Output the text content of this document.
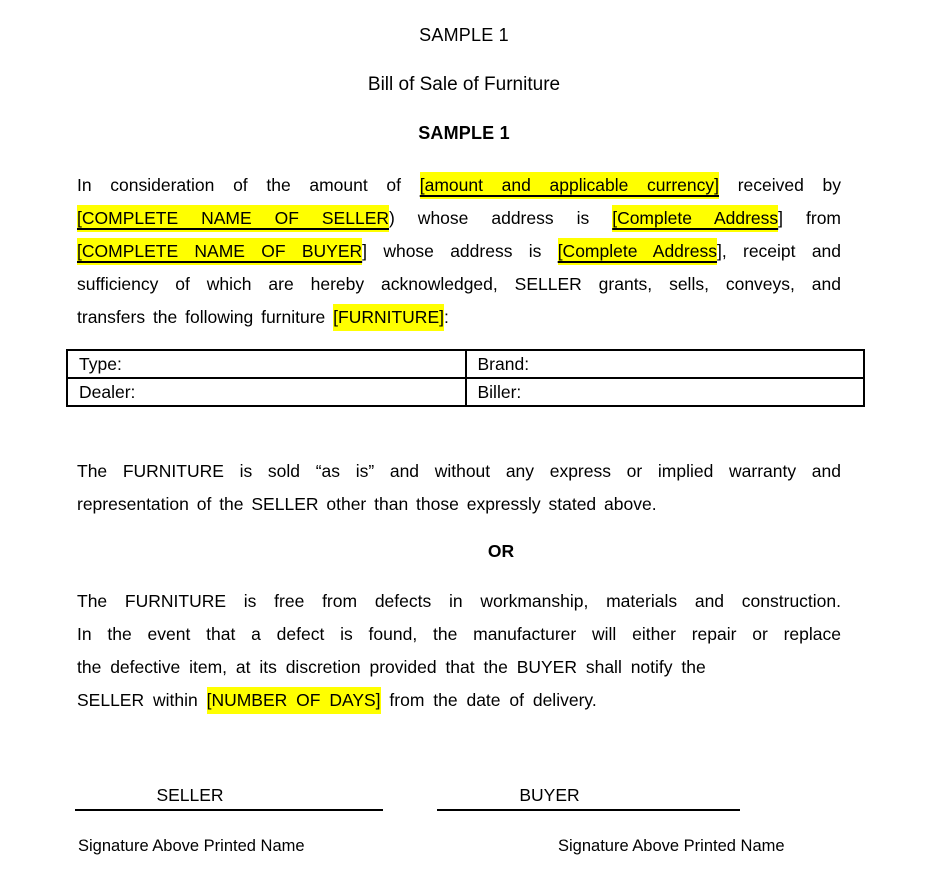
SAMPLE 1
Bill of Sale of Furniture
SAMPLE 1
In consideration of the amount of [amount and applicable currency] received by
[COMPLETE NAME OF SELLER) whose address is [Complete Address] from
[COMPLETE NAME OF BUYER] whose address is [Complete Address], receipt and
sufficiency of which are hereby acknowledged, SELLER grants, sells, conveys, and
transfers the following furniture [FURNITURE]:
Type:	Brand:
Dealer:	Biller:
The FURNITURE is sold “as is” and without any express or implied warranty and
representation of the SELLER other than those expressly stated above.
OR
The FURNITURE is free from defects in workmanship, materials and construction.
In the event that a defect is found, the manufacturer will either repair or replace
the defective item, at its discretion provided that the BUYER shall notify the
SELLER within [NUMBER OF DAYS] from the date of delivery.
SELLER	BUYER
Signature Above Printed Name	Signature Above Printed Name
